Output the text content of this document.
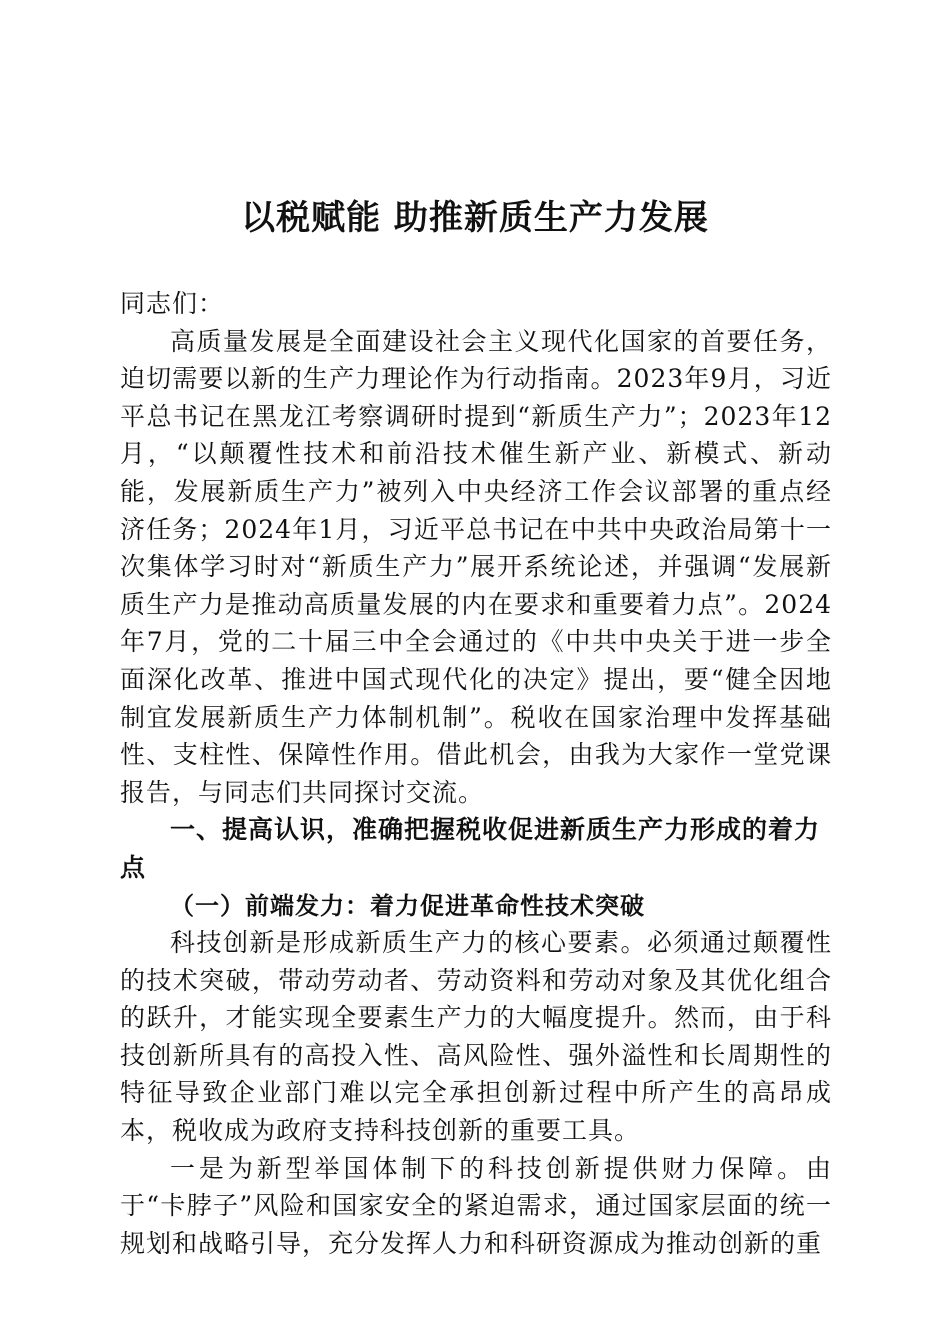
以税赋能 助推新质生产力发展

同志们：

高质量发展是全面建设社会主义现代化国家的首要任务，迫切需要以新的生产力理论作为行动指南。2023年9月，习近平总书记在黑龙江考察调研时提到“新质生产力”；2023年12月，“以颠覆性技术和前沿技术催生新产业、新模式、新动能，发展新质生产力”被列入中央经济工作会议部署的重点经济任务；2024年1月，习近平总书记在中共中央政治局第十一次集体学习时对“新质生产力”展开系统论述，并强调“发展新质生产力是推动高质量发展的内在要求和重要着力点”。2024年7月，党的二十届三中全会通过的《中共中央关于进一步全面深化改革、推进中国式现代化的决定》提出，要“健全因地制宜发展新质生产力体制机制”。税收在国家治理中发挥基础性、支柱性、保障性作用。借此机会，由我为大家作一堂党课报告，与同志们共同探讨交流。

一、提高认识，准确把握税收促进新质生产力形成的着力点

（一）前端发力：着力促进革命性技术突破

科技创新是形成新质生产力的核心要素。必须通过颠覆性的技术突破，带动劳动者、劳动资料和劳动对象及其优化组合的跃升，才能实现全要素生产力的大幅度提升。然而，由于科技创新所具有的高投入性、高风险性、强外溢性和长周期性的特征导致企业部门难以完全承担创新过程中所产生的高昂成本，税收成为政府支持科技创新的重要工具。

一是为新型举国体制下的科技创新提供财力保障。由于“卡脖子”风险和国家安全的紧迫需求，通过国家层面的统一规划和战略引导，充分发挥人力和科研资源成为推动创新的重
